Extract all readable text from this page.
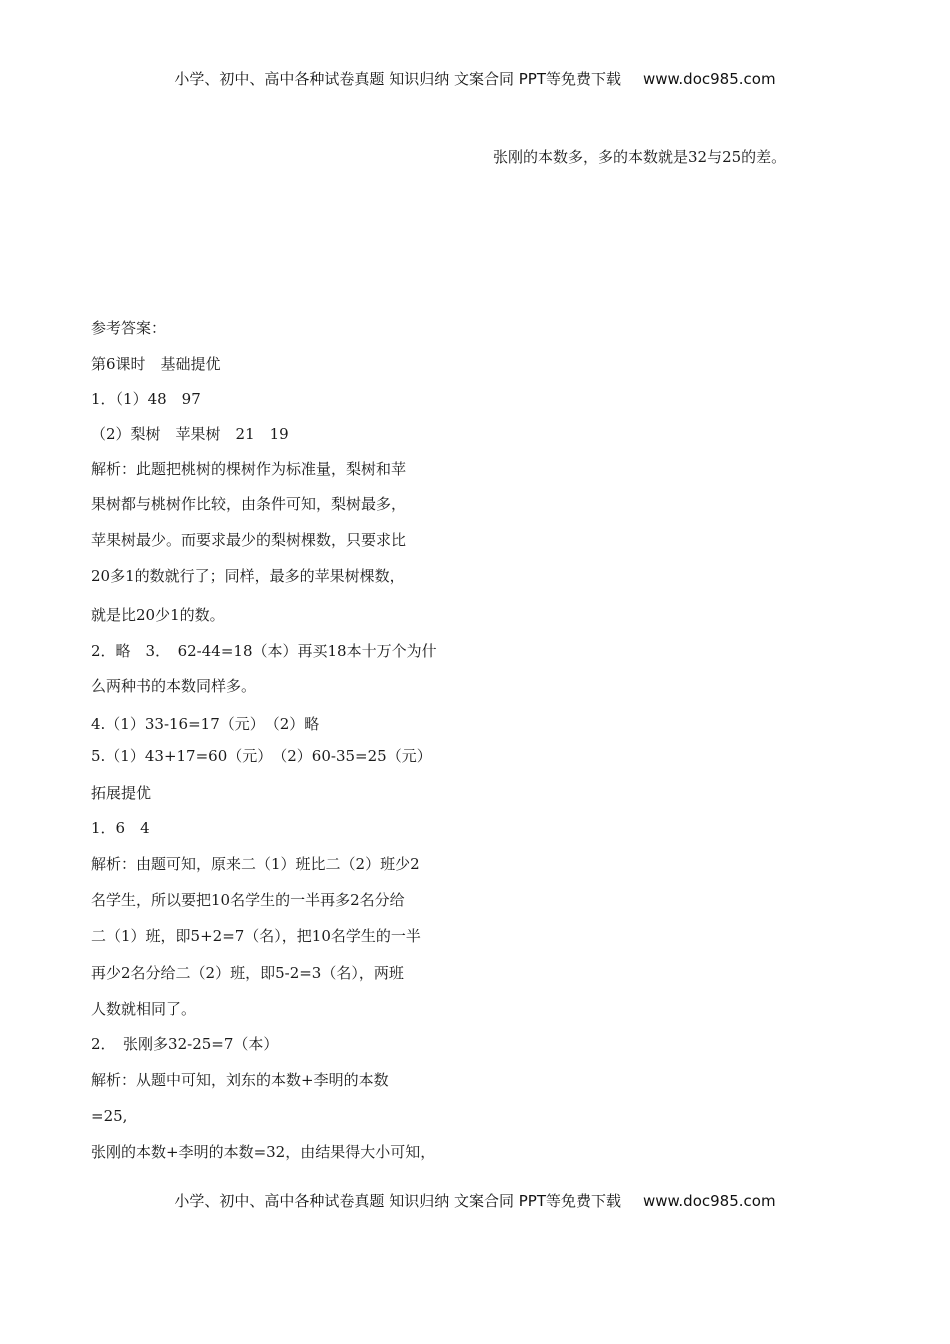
小学、初中、高中各种试卷真题 知识归纳 文案合同 PPT等免费下载 www.doc985.com
张刚的本数多，多的本数就是32与25的差。
参考答案：
第6课时　基础提优
1．（1）48　97
（2）梨树　苹果树　21　19
解析：此题把桃树的棵树作为标准量，梨树和苹
果树都与桃树作比较，由条件可知，梨树最多，
苹果树最少。而要求最少的梨树棵数，只要求比
20多1的数就行了；同样，最多的苹果树棵数，
就是比20少1的数。
2．略　3．　62-44=18（本）再买18本十万个为什
么两种书的本数同样多。
4.（1）33-16=17（元）　（2）略
5.（1）43+17=60（元）　（2）60-35=25（元）
拓展提优
1．6　4
解析：由题可知，原来二（1）班比二（2）班少2
名学生，所以要把10名学生的一半再多2名分给
二（1）班，即5+2=7（名），把10名学生的一半
再少2名分给二（2）班，即5-2=3（名），两班
人数就相同了。
2．　张刚多32-25=7（本）
解析：从题中可知，刘东的本数+李明的本数
=25,
张刚的本数+李明的本数=32，由结果得大小可知，
小学、初中、高中各种试卷真题 知识归纳 文案合同 PPT等免费下载 www.doc985.com
